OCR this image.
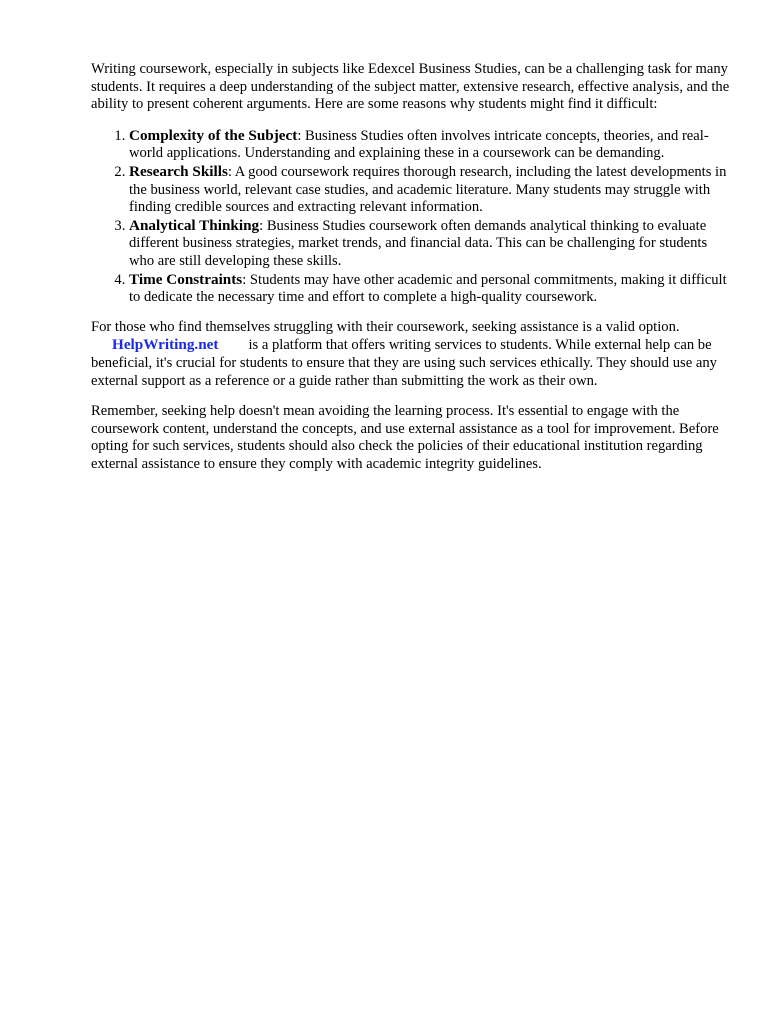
Writing coursework, especially in subjects like Edexcel Business Studies, can be a challenging task for many students. It requires a deep understanding of the subject matter, extensive research, effective analysis, and the ability to present coherent arguments. Here are some reasons why students might find it difficult:

1. Complexity of the Subject: Business Studies often involves intricate concepts, theories, and real-world applications. Understanding and explaining these in a coursework can be demanding.
2. Research Skills: A good coursework requires thorough research, including the latest developments in the business world, relevant case studies, and academic literature. Many students may struggle with finding credible sources and extracting relevant information.
3. Analytical Thinking: Business Studies coursework often demands analytical thinking to evaluate different business strategies, market trends, and financial data. This can be challenging for students who are still developing these skills.
4. Time Constraints: Students may have other academic and personal commitments, making it difficult to dedicate the necessary time and effort to complete a high-quality coursework.

For those who find themselves struggling with their coursework, seeking assistance is a valid option.
HelpWriting.net is a platform that offers writing services to students. While external help can be beneficial, it's crucial for students to ensure that they are using such services ethically. They should use any external support as a reference or a guide rather than submitting the work as their own.

Remember, seeking help doesn't mean avoiding the learning process. It's essential to engage with the coursework content, understand the concepts, and use external assistance as a tool for improvement. Before opting for such services, students should also check the policies of their educational institution regarding external assistance to ensure they comply with academic integrity guidelines.
